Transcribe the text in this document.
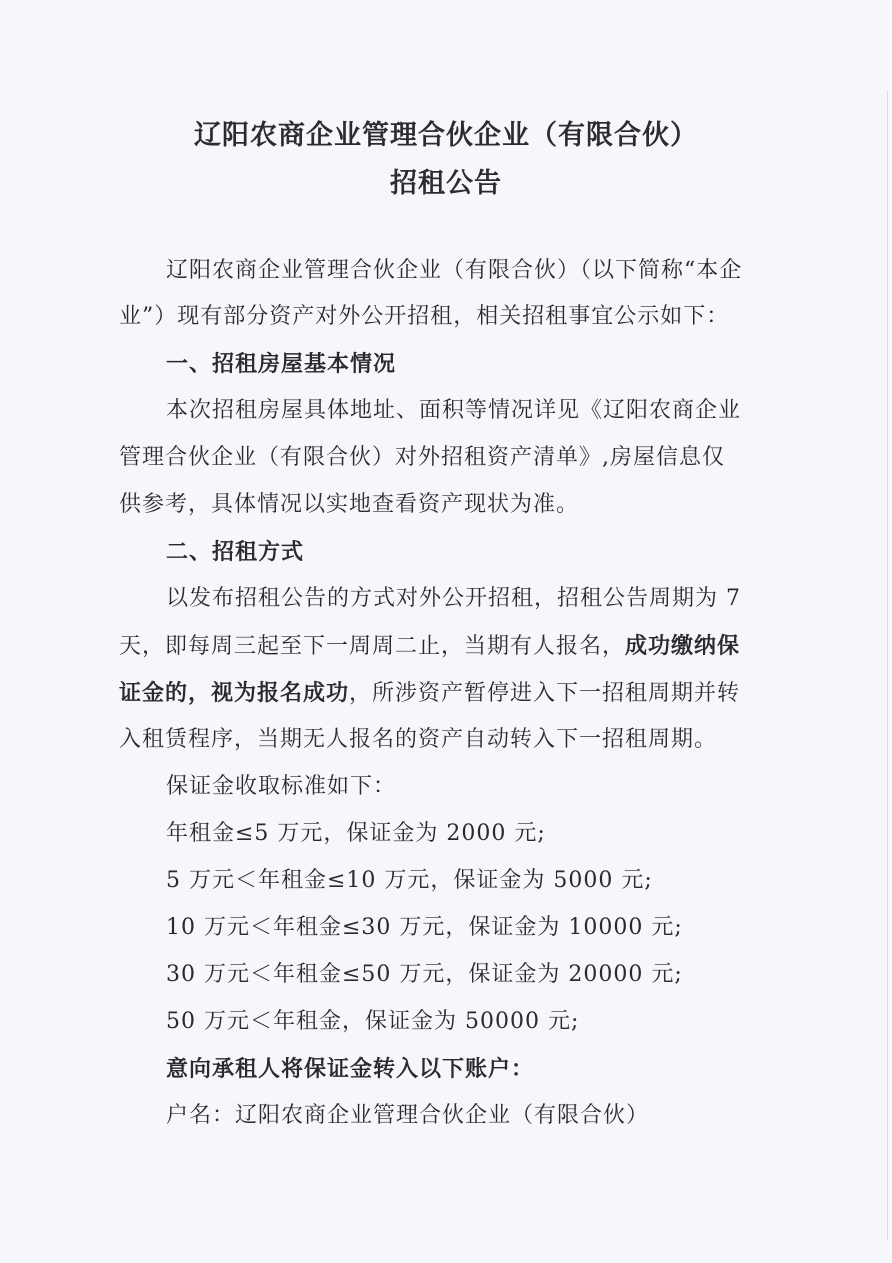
辽阳农商企业管理合伙企业（有限合伙）
招租公告
辽阳农商企业管理合伙企业（有限合伙）（以下简称“本企
业”）现有部分资产对外公开招租，相关招租事宜公示如下：
一、招租房屋基本情况
本次招租房屋具体地址、面积等情况详见《辽阳农商企业
管理合伙企业（有限合伙）对外招租资产清单》,房屋信息仅
供参考，具体情况以实地查看资产现状为准。
二、招租方式
以发布招租公告的方式对外公开招租，招租公告周期为 7
天，即每周三起至下一周周二止，当期有人报名，成功缴纳保
证金的，视为报名成功，所涉资产暂停进入下一招租周期并转
入租赁程序，当期无人报名的资产自动转入下一招租周期。
保证金收取标准如下：
年租金≤5 万元，保证金为 2000 元;
5 万元＜年租金≤10 万元，保证金为 5000 元;
10 万元＜年租金≤30 万元，保证金为 10000 元;
30 万元＜年租金≤50 万元，保证金为 20000 元;
50 万元＜年租金，保证金为 50000 元;
意向承租人将保证金转入以下账户：
户名：辽阳农商企业管理合伙企业（有限合伙）
